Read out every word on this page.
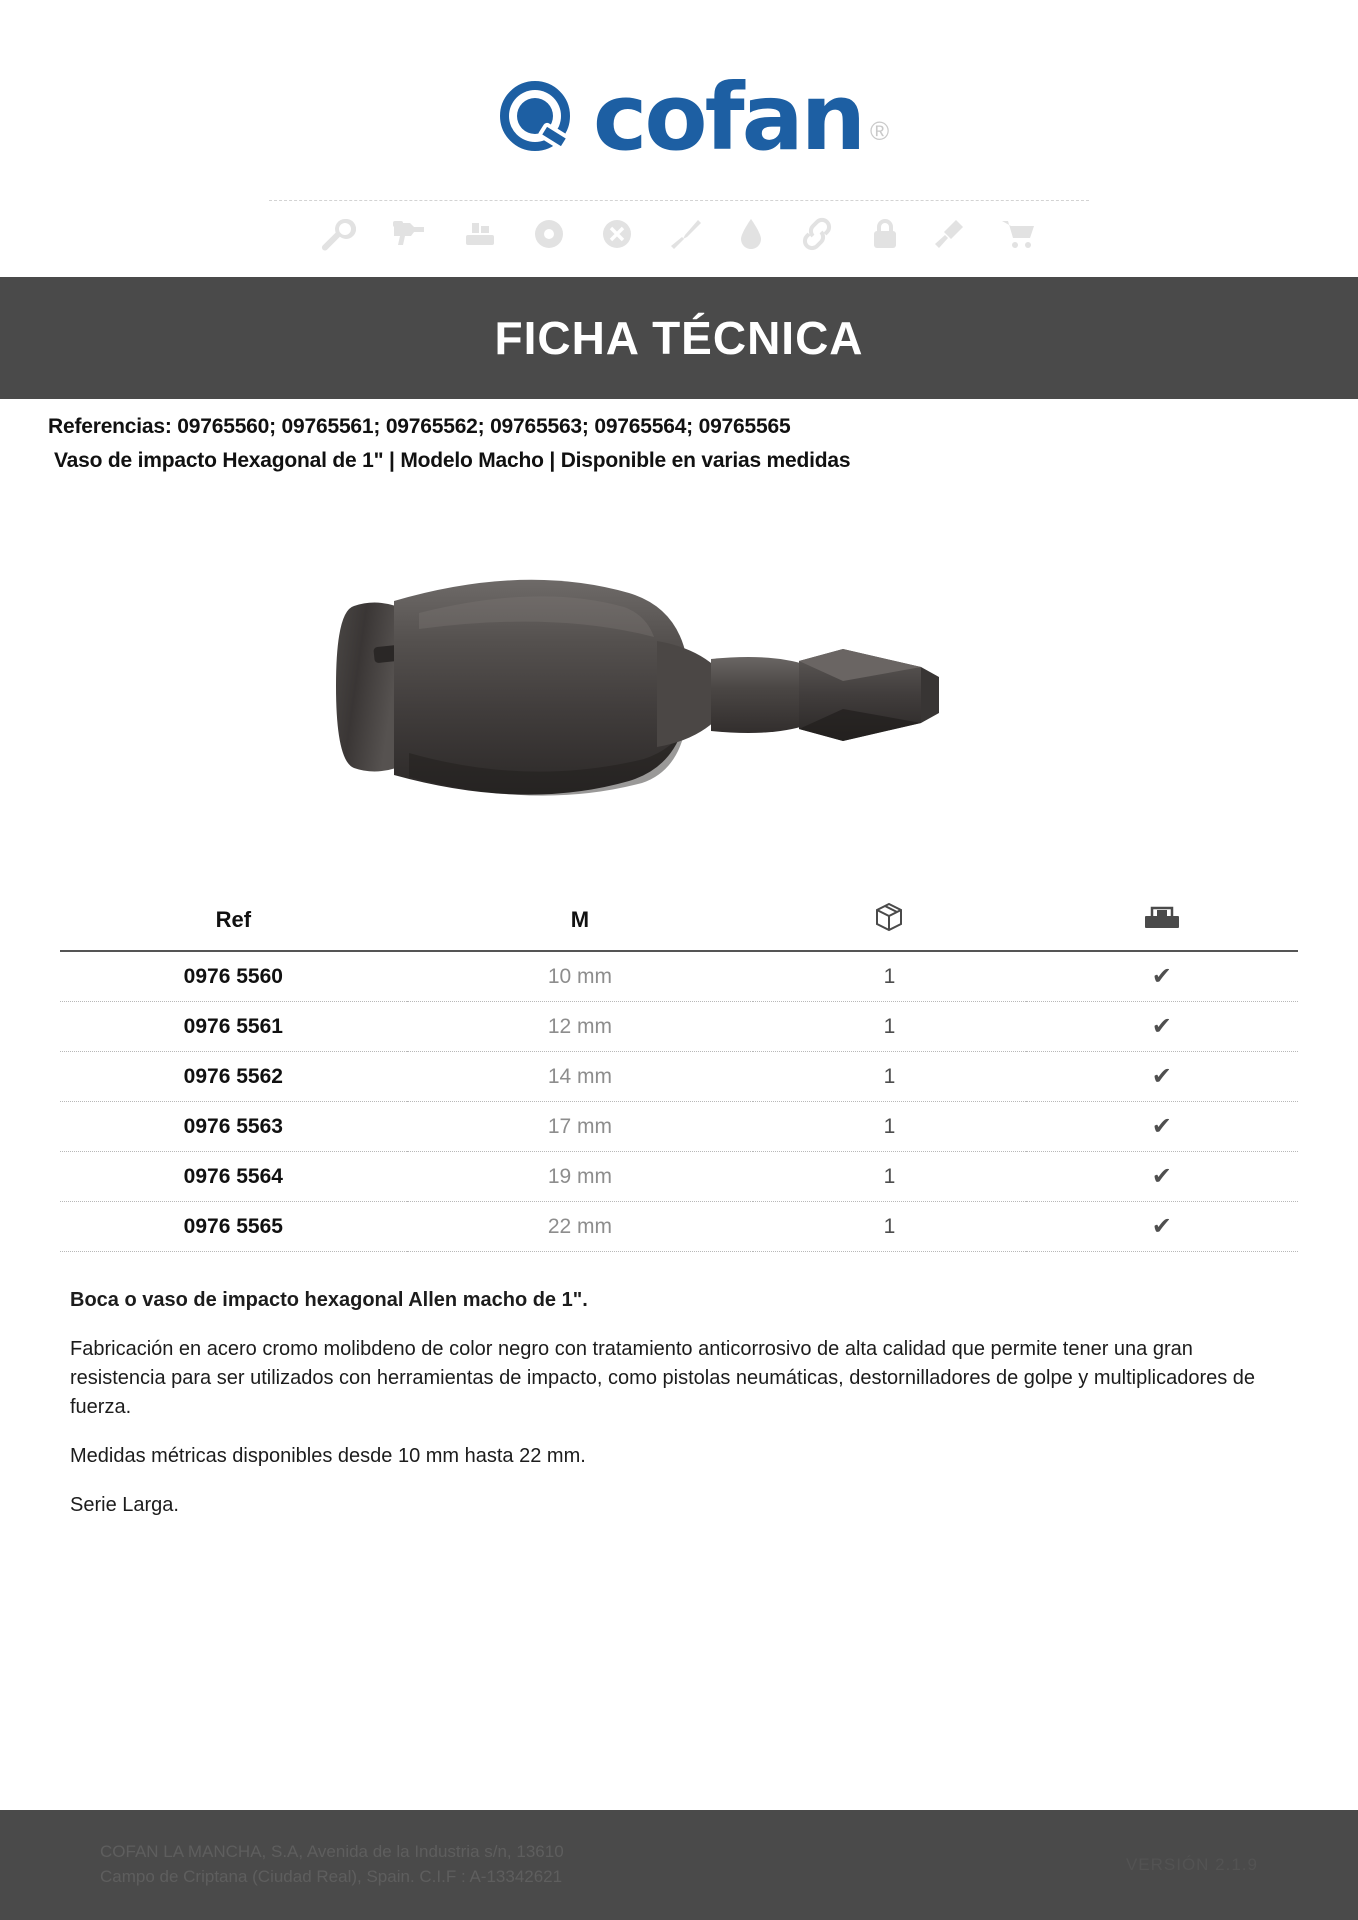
cofan ®
FICHA TÉCNICA
Referencias: 09765560; 09765561; 09765562; 09765563; 09765564; 09765565
Vaso de impacto Hexagonal de 1" | Modelo Macho | Disponible en varias medidas
Ref	M		
0976 5560	10 mm	1	✔
0976 5561	12 mm	1	✔
0976 5562	14 mm	1	✔
0976 5563	17 mm	1	✔
0976 5564	19 mm	1	✔
0976 5565	22 mm	1	✔

Boca o vaso de impacto hexagonal Allen macho de 1".

Fabricación en acero cromo molibdeno de color negro con tratamiento anticorrosivo de alta calidad que permite tener una gran resistencia para ser utilizados con herramientas de impacto, como pistolas neumáticas, destornilladores de golpe y multiplicadores de fuerza.

Medidas métricas disponibles desde 10 mm hasta 22 mm.

Serie Larga.

COFAN LA MANCHA, S.A, Avenida de la Industria s/n, 13610
Campo de Criptana (Ciudad Real), Spain. C.I.F : A-13342621
VERSIÓN 2.1.9
